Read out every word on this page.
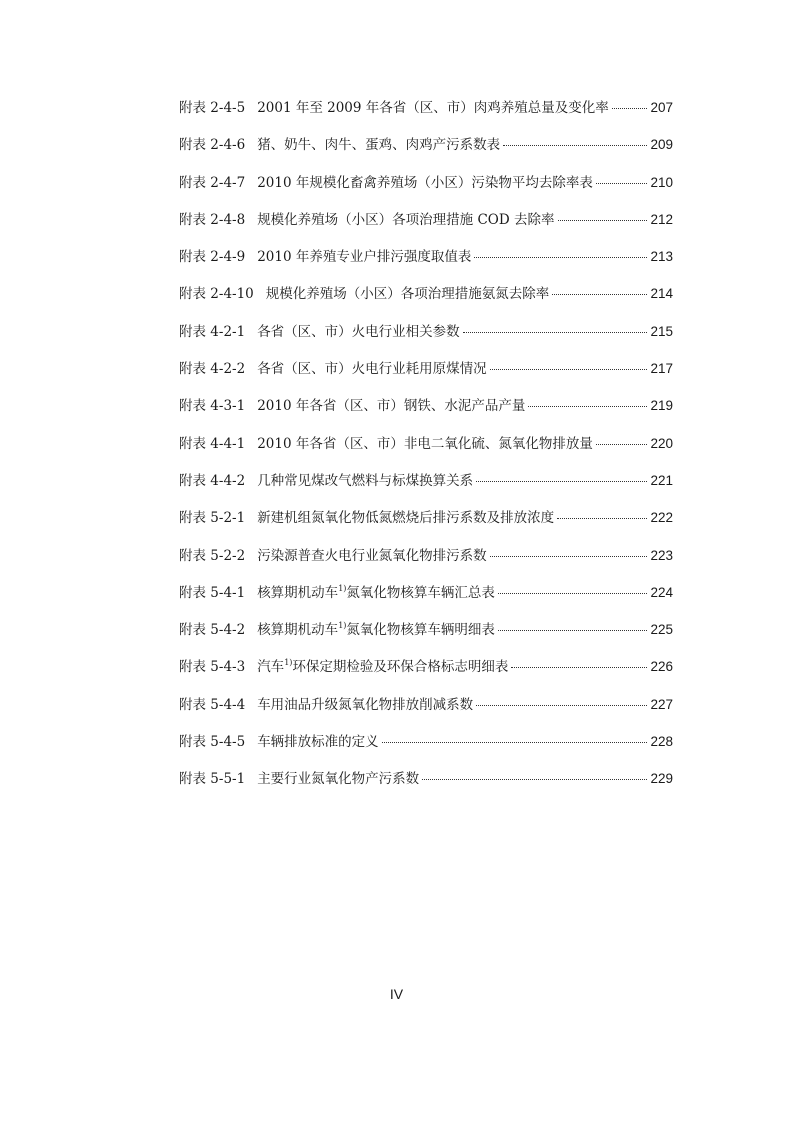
附表 2-4-5 2001 年至 2009 年各省（区、市）肉鸡养殖总量及变化率	207
附表 2-4-6 猪、奶牛、肉牛、蛋鸡、肉鸡产污系数表	209
附表 2-4-7 2010 年规模化畜禽养殖场（小区）污染物平均去除率表	210
附表 2-4-8 规模化养殖场（小区）各项治理措施 COD 去除率	212
附表 2-4-9 2010 年养殖专业户排污强度取值表	213
附表 2-4-10 规模化养殖场（小区）各项治理措施氨氮去除率	214
附表 4-2-1 各省（区、市）火电行业相关参数	215
附表 4-2-2 各省（区、市）火电行业耗用原煤情况	217
附表 4-3-1 2010 年各省（区、市）钢铁、水泥产品产量	219
附表 4-4-1 2010 年各省（区、市）非电二氧化硫、氮氧化物排放量	220
附表 4-4-2 几种常见煤改气燃料与标煤换算关系	221
附表 5-2-1 新建机组氮氧化物低氮燃烧后排污系数及排放浓度	222
附表 5-2-2 污染源普查火电行业氮氧化物排污系数	223
附表 5-4-1 核算期机动车$^{1)}$氮氧化物核算车辆汇总表	224
附表 5-4-2 核算期机动车$^{1)}$氮氧化物核算车辆明细表	225
附表 5-4-3 汽车$^{1)}$环保定期检验及环保合格标志明细表	226
附表 5-4-4 车用油品升级氮氧化物排放削减系数	227
附表 5-4-5 车辆排放标准的定义	228
附表 5-5-1 主要行业氮氧化物产污系数	229
IV
